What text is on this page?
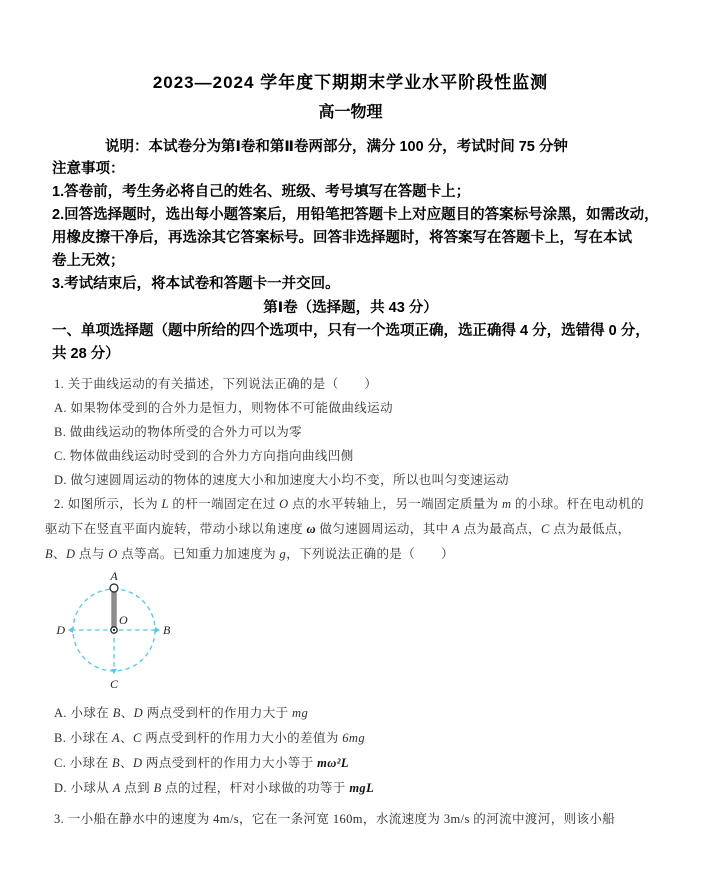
2023—2024 学年度下期期末学业水平阶段性监测
高一物理

说明：本试卷分为第Ⅰ卷和第Ⅱ卷两部分，满分 100 分，考试时间 75 分钟

注意事项：

1.答卷前，考生务必将自己的姓名、班级、考号填写在答题卡上；

2.回答选择题时，选出每小题答案后，用铅笔把答题卡上对应题目的答案标号涂黑，如需改动，

用橡皮擦干净后，再选涂其它答案标号。回答非选择题时，将答案写在答题卡上，写在本试

卷上无效；

3.考试结束后，将本试卷和答题卡一并交回。

第Ⅰ卷（选择题，共 43 分）

一、单项选择题（题中所给的四个选项中，只有一个选项正确，选正确得 4 分，选错得 0 分，

共 28 分）

1. 关于曲线运动的有关描述，下列说法正确的是（　　）

A. 如果物体受到的合外力是恒力，则物体不可能做曲线运动

B. 做曲线运动的物体所受的合外力可以为零

C. 物体做曲线运动时受到的合外力方向指向曲线凹侧

D. 做匀速圆周运动的物体的速度大小和加速度大小均不变，所以也叫匀变速运动

2. 如图所示，长为 L 的杆一端固定在过 O 点的水平转轴上，另一端固定质量为 m 的小球。杆在电动机的

驱动下在竖直平面内旋转，带动小球以角速度 ω 做匀速圆周运动，其中 A 点为最高点，C 点为最低点，

B、D 点与 O 点等高。已知重力加速度为 g，下列说法正确的是（　　）

A
B
C
D
O

A. 小球在 B、D 两点受到杆的作用力大于 mg

B. 小球在 A、C 两点受到杆的作用力大小的差值为 6mg

C. 小球在 B、D 两点受到杆的作用力大小等于 mω²L

D. 小球从 A 点到 B 点的过程，杆对小球做的功等于 mgL

3. 一小船在静水中的速度为 4m/s，它在一条河宽 160m，水流速度为 3m/s 的河流中渡河，则该小船
